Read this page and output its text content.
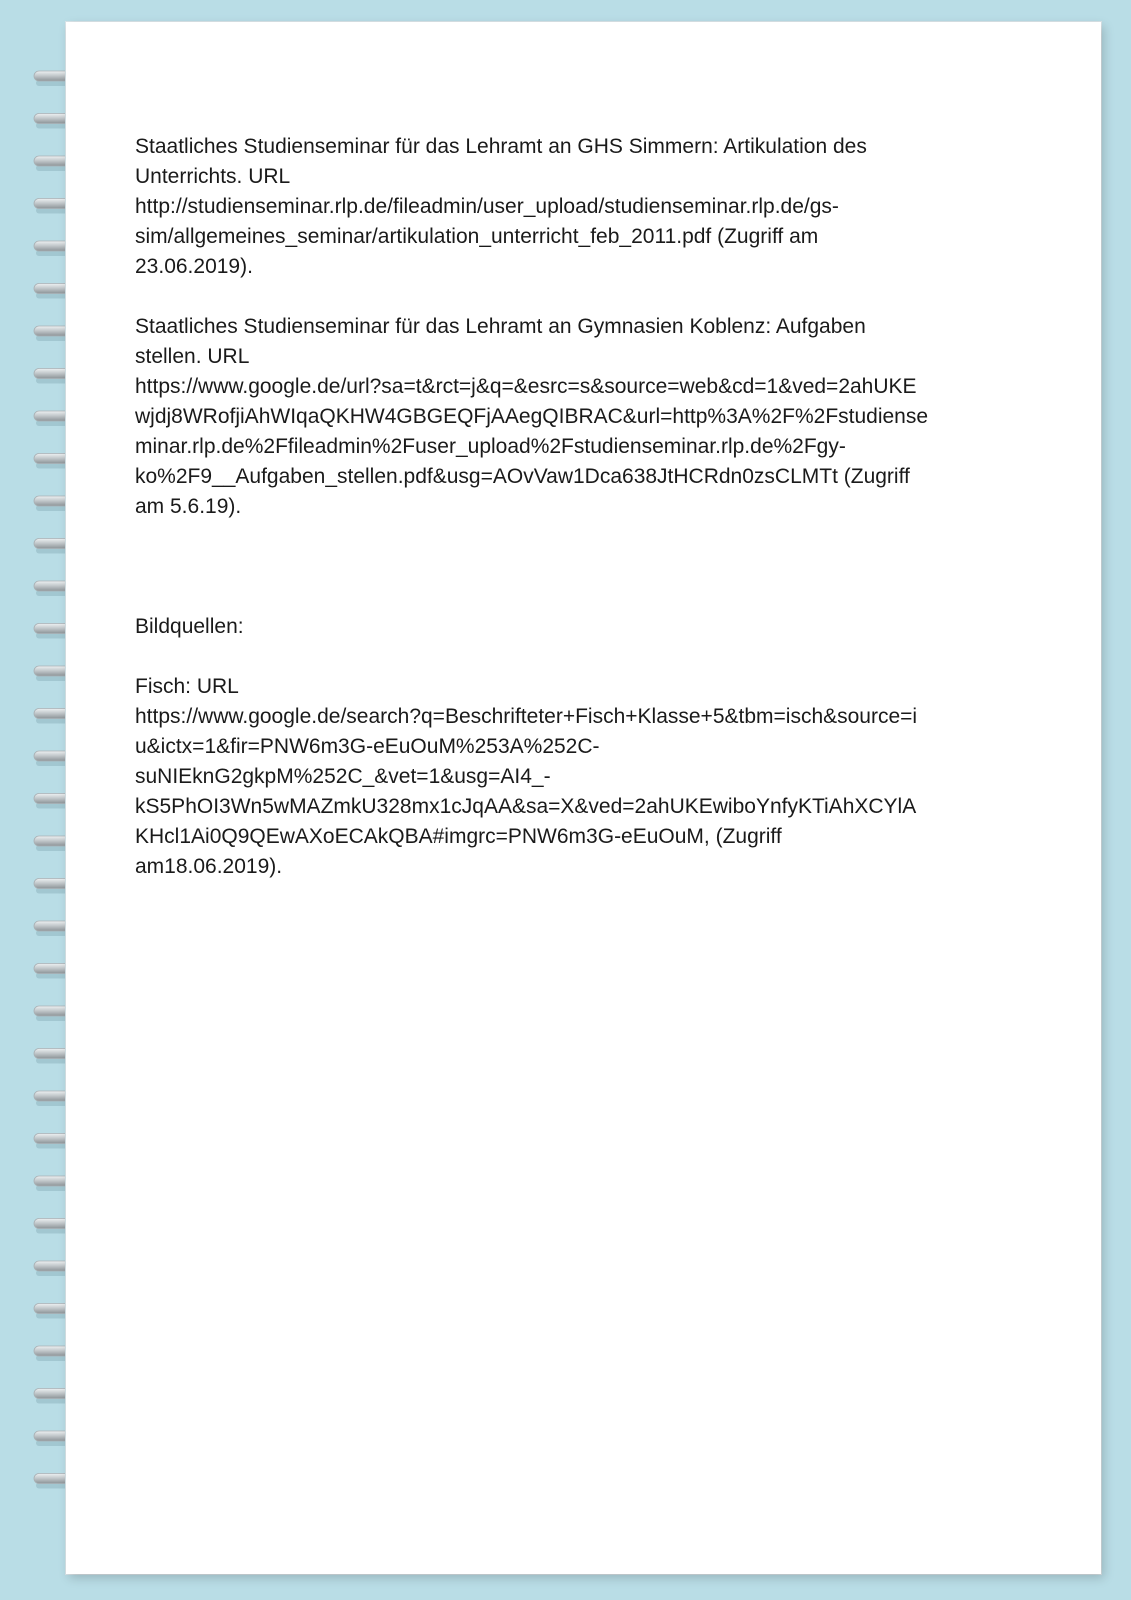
Staatliches Studienseminar für das Lehramt an GHS Simmern: Artikulation des
Unterrichts. URL
http://studienseminar.rlp.de/fileadmin/user_upload/studienseminar.rlp.de/gs-
sim/allgemeines_seminar/artikulation_unterricht_feb_2011.pdf (Zugriff am
23.06.2019).

Staatliches Studienseminar für das Lehramt an Gymnasien Koblenz: Aufgaben
stellen. URL
https://www.google.de/url?sa=t&rct=j&q=&esrc=s&source=web&cd=1&ved=2ahUKE
wjdj8WRofjiAhWIqaQKHW4GBGEQFjAAegQIBRAC&url=http%3A%2F%2Fstudiense
minar.rlp.de%2Ffileadmin%2Fuser_upload%2Fstudienseminar.rlp.de%2Fgy-
ko%2F9__Aufgaben_stellen.pdf&usg=AOvVaw1Dca638JtHCRdn0zsCLMTt (Zugriff
am 5.6.19).

Bildquellen:

Fisch: URL
https://www.google.de/search?q=Beschrifteter+Fisch+Klasse+5&tbm=isch&source=i
u&ictx=1&fir=PNW6m3G-eEuOuM%253A%252C-
suNIEknG2gkpM%252C_&vet=1&usg=AI4_-
kS5PhOI3Wn5wMAZmkU328mx1cJqAA&sa=X&ved=2ahUKEwiboYnfyKTiAhXCYlA
KHcl1Ai0Q9QEwAXoECAkQBA#imgrc=PNW6m3G-eEuOuM, (Zugriff
am18.06.2019).
